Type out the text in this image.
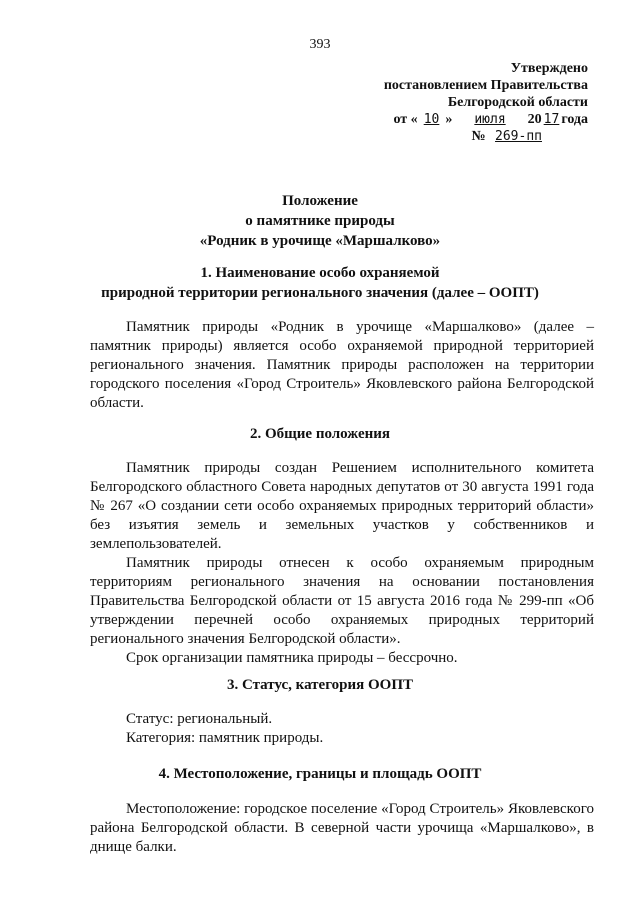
393
Утверждено
постановлением Правительства
Белгородской области
от « 10 » июля 20 17 года
№ 269-пп
Положение
о памятнике природы
«Родник в урочище «Маршалково»
1. Наименование особо охраняемой
природной территории регионального значения (далее – ООПТ)

Памятник природы «Родник в урочище «Маршалково» (далее – памятник природы) является особо охраняемой природной территорией регионального значения. Памятник природы расположен на территории городского поселения «Город Строитель» Яковлевского района Белгородской области.

2. Общие положения

Памятник природы создан Решением исполнительного комитета Белгородского областного Совета народных депутатов от 30 августа 1991 года № 267 «О создании сети особо охраняемых природных территорий области» без изъятия земель и земельных участков у собственников и землепользователей.

Памятник природы отнесен к особо охраняемым природным территориям регионального значения на основании постановления Правительства Белгородской области от 15 августа 2016 года № 299-пп «Об утверждении перечней особо охраняемых природных территорий регионального значения Белгородской области».

Срок организации памятника природы – бессрочно.

3. Статус, категория ООПТ

Статус: региональный.

Категория: памятник природы.

4. Местоположение, границы и площадь ООПТ

Местоположение: городское поселение «Город Строитель» Яковлевского района Белгородской области. В северной части урочища «Маршалково», в днище балки.
